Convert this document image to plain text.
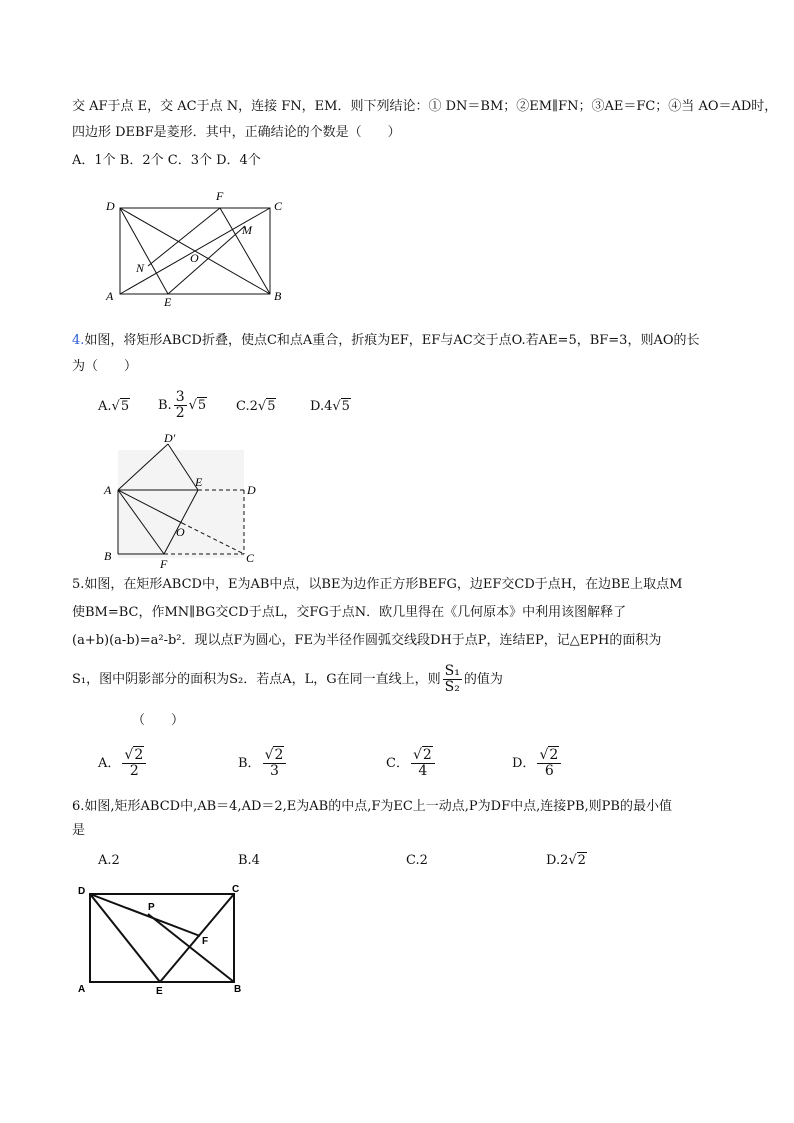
交 AF于点 E，交 AC于点 N，连接 FN，EM．则下列结论：① DN＝BM；②EM∥FN；③AE＝FC；④当 AO＝AD时，
四边形 DEBF是菱形．其中，正确结论的个数是（　　）
A．1个 B．2个 C．3个 D．4个
D	C
A	B
F
E
M
N
O
4.如图，将矩形ABCD折叠，使点C和点A重合，折痕为EF，EF与AC交于点O.若AE=5，BF=3，则AO的长
为（　　）
A.√5 B. $\frac{3}{2} √5$ C.2√5	D.4√5
D′
A
E
D
O
B
F	C
5.如图，在矩形ABCD中，E为AB中点，以BE为边作正方形BEFG，边EF交CD于点H，在边BE上取点M
使BM=BC，作MN∥BG交CD于点L，交FG于点N．欧几里得在《几何原本》中利用该图解释了
(a+b)(a-b)=a²-b²．现以点F为圆心，FE为半径作圆弧交线段DH于点P，连结EP，记△EPH的面积为
S₁，图中阴影部分的面积为S₂．若点A，L，G在同一直线上，则 $\frac{\text{S₁}}{\text{S₂}}$ 的值为
（　　）
A． $\frac{√2}{2}$	B． $\frac{√2}{3}$	C． $\frac{√2}{4}$	D． $\frac{√2}{6}$
6.如图,矩形ABCD中,AB＝4,AD＝2,E为AB的中点,F为EC上一动点,P为DF中点,连接PB,则PB的最小值
是
A.2	B.4	C.2	D.2√2
D	C
P
F
A	E	B
